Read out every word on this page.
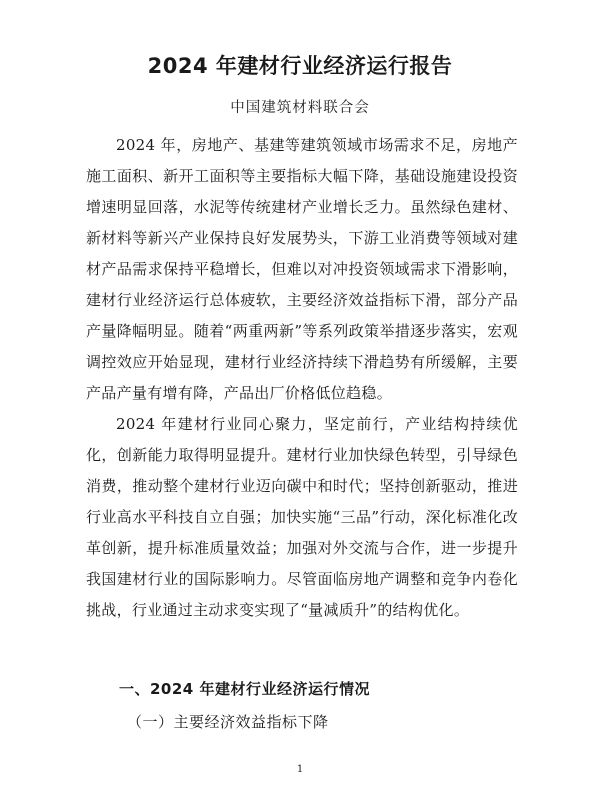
2024 年建材行业经济运行报告
中国建筑材料联合会

2024 年，房地产、基建等建筑领域市场需求不足，房地产施工面积、新开工面积等主要指标大幅下降，基础设施建设投资增速明显回落，水泥等传统建材产业增长乏力。虽然绿色建材、新材料等新兴产业保持良好发展势头，下游工业消费等领域对建材产品需求保持平稳增长，但难以对冲投资领域需求下滑影响，建材行业经济运行总体疲软，主要经济效益指标下滑，部分产品产量降幅明显。随着“两重两新”等系列政策举措逐步落实，宏观调控效应开始显现，建材行业经济持续下滑趋势有所缓解，主要产品产量有增有降，产品出厂价格低位趋稳。

2024 年建材行业同心聚力，坚定前行，产业结构持续优化，创新能力取得明显提升。建材行业加快绿色转型，引导绿色消费，推动整个建材行业迈向碳中和时代；坚持创新驱动，推进行业高水平科技自立自强；加快实施“三品”行动，深化标准化改革创新，提升标准质量效益；加强对外交流与合作，进一步提升我国建材行业的国际影响力。尽管面临房地产调整和竞争内卷化挑战，行业通过主动求变实现了“量减质升”的结构优化。

一、2024 年建材行业经济运行情况
（一）主要经济效益指标下降
1
